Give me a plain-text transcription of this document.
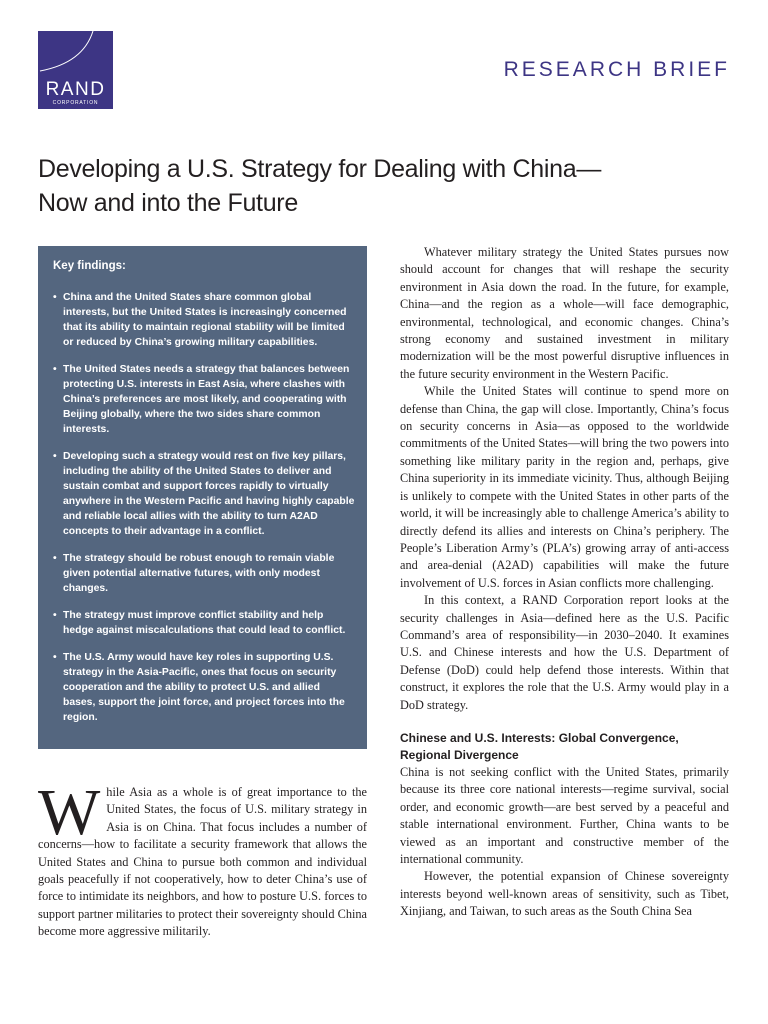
RAND
CORPORATION
RESEARCH BRIEF
Developing a U.S. Strategy for Dealing with China—
Now and into the Future
Key findings:
• China and the United States share common global interests, but the United States is increasingly concerned that its ability to maintain regional stability will be limited or reduced by China’s growing military capabilities.
• The United States needs a strategy that balances between protecting U.S. interests in East Asia, where clashes with China’s preferences are most likely, and cooperating with Beijing globally, where the two sides share common interests.
• Developing such a strategy would rest on five key pillars, including the ability of the United States to deliver and sustain combat and support forces rapidly to virtually anywhere in the Western Pacific and having highly capable and reliable local allies with the ability to turn A2AD concepts to their advantage in a conflict.
• The strategy should be robust enough to remain viable given potential alternative futures, with only modest changes.
• The strategy must improve conflict stability and help hedge against miscalculations that could lead to conflict.
• The U.S. Army would have key roles in supporting U.S. strategy in the Asia-Pacific, ones that focus on security cooperation and the ability to protect U.S. and allied bases, support the joint force, and project forces into the region.
While Asia as a whole is of great importance to the United States, the focus of U.S. military strategy in Asia is on China. That focus includes a number of concerns—how to facilitate a security framework that allows the United States and China to pursue both common and individual goals peacefully if not cooperatively, how to deter China’s use of force to intimidate its neighbors, and how to posture U.S. forces to support partner militaries to protect their sovereignty should China become more aggressive militarily.

Whatever military strategy the United States pursues now should account for changes that will reshape the security environment in Asia down the road. In the future, for example, China—and the region as a whole—will face demographic, environmental, technological, and economic changes. China’s strong economy and sustained investment in military modernization will be the most powerful disruptive influences in the future security environment in the Western Pacific.

While the United States will continue to spend more on defense than China, the gap will close. Importantly, China’s focus on security concerns in Asia—as opposed to the worldwide commitments of the United States—will bring the two powers into something like military parity in the region and, perhaps, give China superiority in its immediate vicinity. Thus, although Beijing is unlikely to compete with the United States in other parts of the world, it will be increasingly able to challenge America’s ability to directly defend its allies and interests on China’s periphery. The People’s Liberation Army’s (PLA’s) growing array of anti-access and area-denial (A2AD) capabilities will make the future involvement of U.S. forces in Asian conflicts more challenging.

In this context, a RAND Corporation report looks at the security challenges in Asia—defined here as the U.S. Pacific Command’s area of responsibility—in 2030–2040. It examines U.S. and Chinese interests and how the U.S. Department of Defense (DoD) could help defend those interests. Within that construct, it explores the role that the U.S. Army would play in a DoD strategy.

Chinese and U.S. Interests: Global Convergence, Regional Divergence

China is not seeking conflict with the United States, primarily because its three core national interests—regime survival, social order, and economic growth—are best served by a peaceful and stable international environment. Further, China wants to be viewed as an important and constructive member of the international community.

However, the potential expansion of Chinese sovereignty interests beyond well-known areas of sensitivity, such as Tibet, Xinjiang, and Taiwan, to such areas as the South China Sea
